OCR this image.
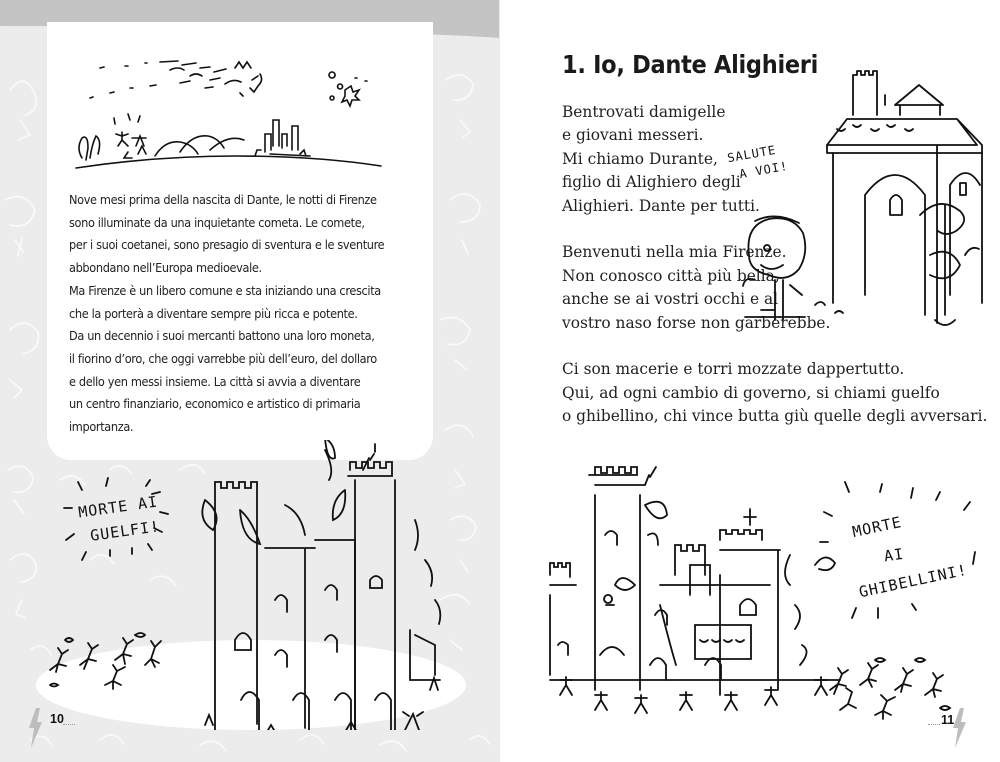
Nove mesi prima della nascita di Dante, le notti di Firenze

sono illuminate da una inquietante cometa. Le comete,

per i suoi coetanei, sono presagio di sventura e le sventure

abbondano nell’Europa medioevale.

Ma Firenze è un libero comune e sta iniziando una crescita

che la porterà a diventare sempre più ricca e potente.

Da un decennio i suoi mercanti battono una loro moneta,

il fiorino d’oro, che oggi varrebbe più dell’euro, del dollaro

e dello yen messi insieme. La città si avvia a diventare

un centro finanziario, economico e artistico di primaria

importanza.

MORTE AI
GUELFI!
10
1. Io, Dante Alighieri

Bentrovati damigelle

e giovani messeri.

Mi chiamo Durante,

figlio di Alighiero degli

Alighieri. Dante per tutti.

Benvenuti nella mia Firenze.

Non conosco città più bella,

anche se ai vostri occhi e al

vostro naso forse non garberebbe.

Ci son macerie e torri mozzate dappertutto.

Qui, ad ogni cambio di governo, si chiami guelfo

o ghibellino, chi vince butta giù quelle degli avversari.

SALUTE
A VOI!
MORTE
AI
GHIBELLINI!
11
